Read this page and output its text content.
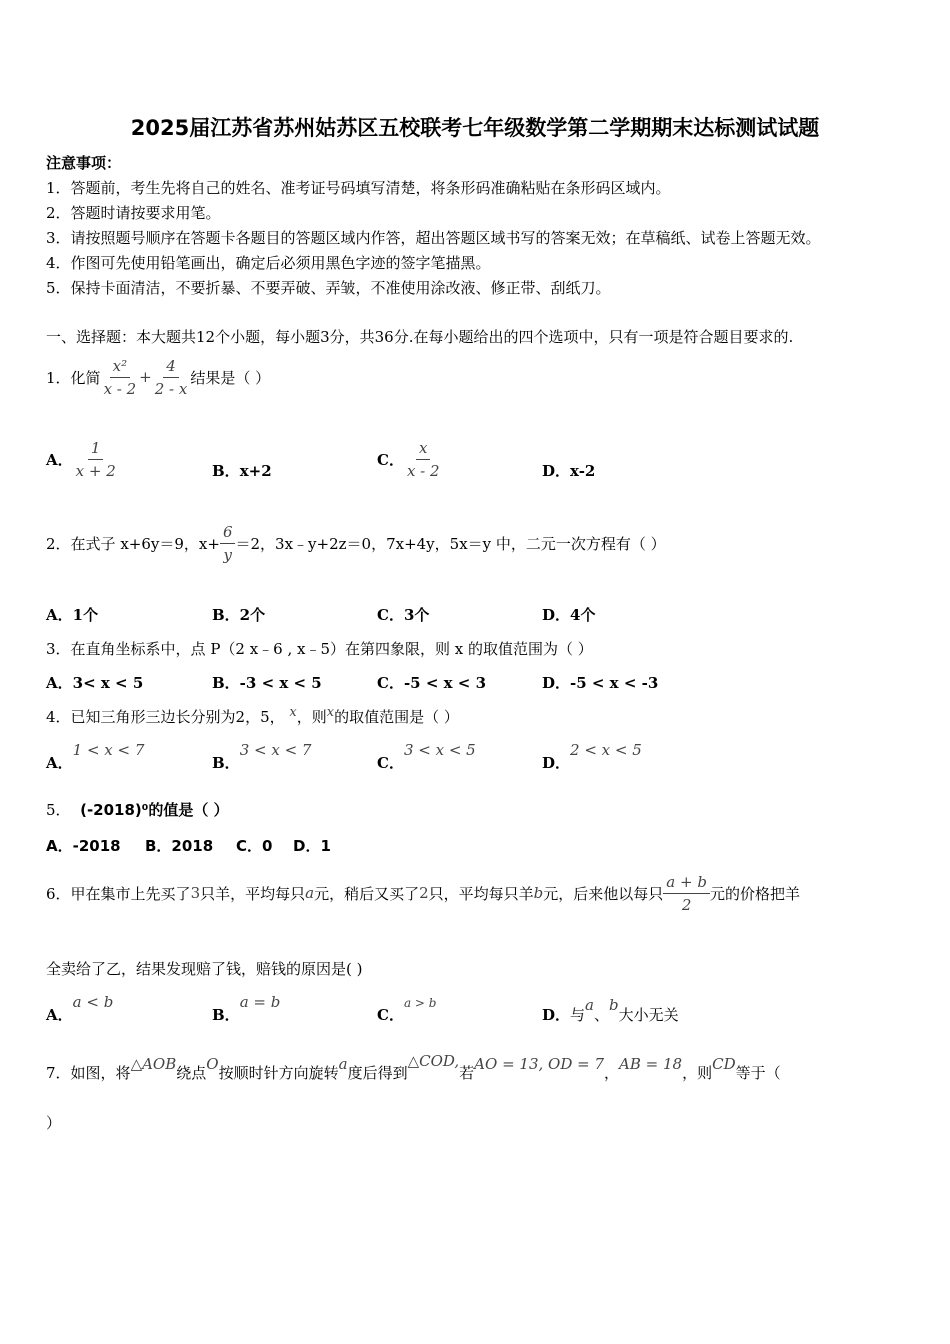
2025届江苏省苏州姑苏区五校联考七年级数学第二学期期末达标测试试题
注意事项：
1．答题前，考生先将自己的姓名、准考证号码填写清楚，将条形码准确粘贴在条形码区域内。
2．答题时请按要求用笔。
3．请按照题号顺序在答题卡各题目的答题区域内作答，超出答题区域书写的答案无效；在草稿纸、试卷上答题无效。
4．作图可先使用铅笔画出，确定后必须用黑色字迹的签字笔描黑。
5．保持卡面清洁，不要折暴、不要弄破、弄皱，不准使用涂改液、修正带、刮纸刀。
一、选择题：本大题共12个小题，每小题3分，共36分.在每小题给出的四个选项中，只有一项是符合题目要求的.
1． 化简 $\frac{\text{x²}}{x - 2} + \frac{4}{2 - x}$ 结果是（ ）
A． $\frac{1}{x + 2}$	B．x+2
C． $\frac{x}{x - 2}$	D．x-2
2． 在式子 x+6y＝9，$x+ \frac{6}{y} =2$，3x﹣y+2z＝0，7x+4y，5x＝y 中，二元一次方程有（ ）
A．1个	B．2个	C．3个	D．4个
3．在直角坐标系中，点 P（2 x﹣6 , x﹣5）在第四象限，则 x 的取值范围为（ ）
A．3< x < 5	B．-3 < x < 5	C．-5 < x < 3	D．-5 < x < -3
4．已知三角形三边长分别为2，5， x，则x的取值范围是（ ）
A．1 < x < 7
B．3 < x < 7
C．3 < x < 5
D．2 < x < 5
5． (-2018)⁰的值是（ ）
A．-2018 B．2018 C．0 D．1
6． 甲在集市上先买了 3 只羊，平均每只 a 元，稍后又买了 2 只，平均每只羊 b 元，后来他以每只 $\frac{a + b}{2}$ 元的价格把羊
全卖给了乙，结果发现赔了钱，赔钱的原因是( )
A．a < b
B．a = b
C．$^{a > b}$
D．与a、b大小无关
7．如图，将△AOB绕点O按顺时针方向旋转a度后得到△COD,若AO = 13, OD = 7，AB = 18，则CD等于（
）
